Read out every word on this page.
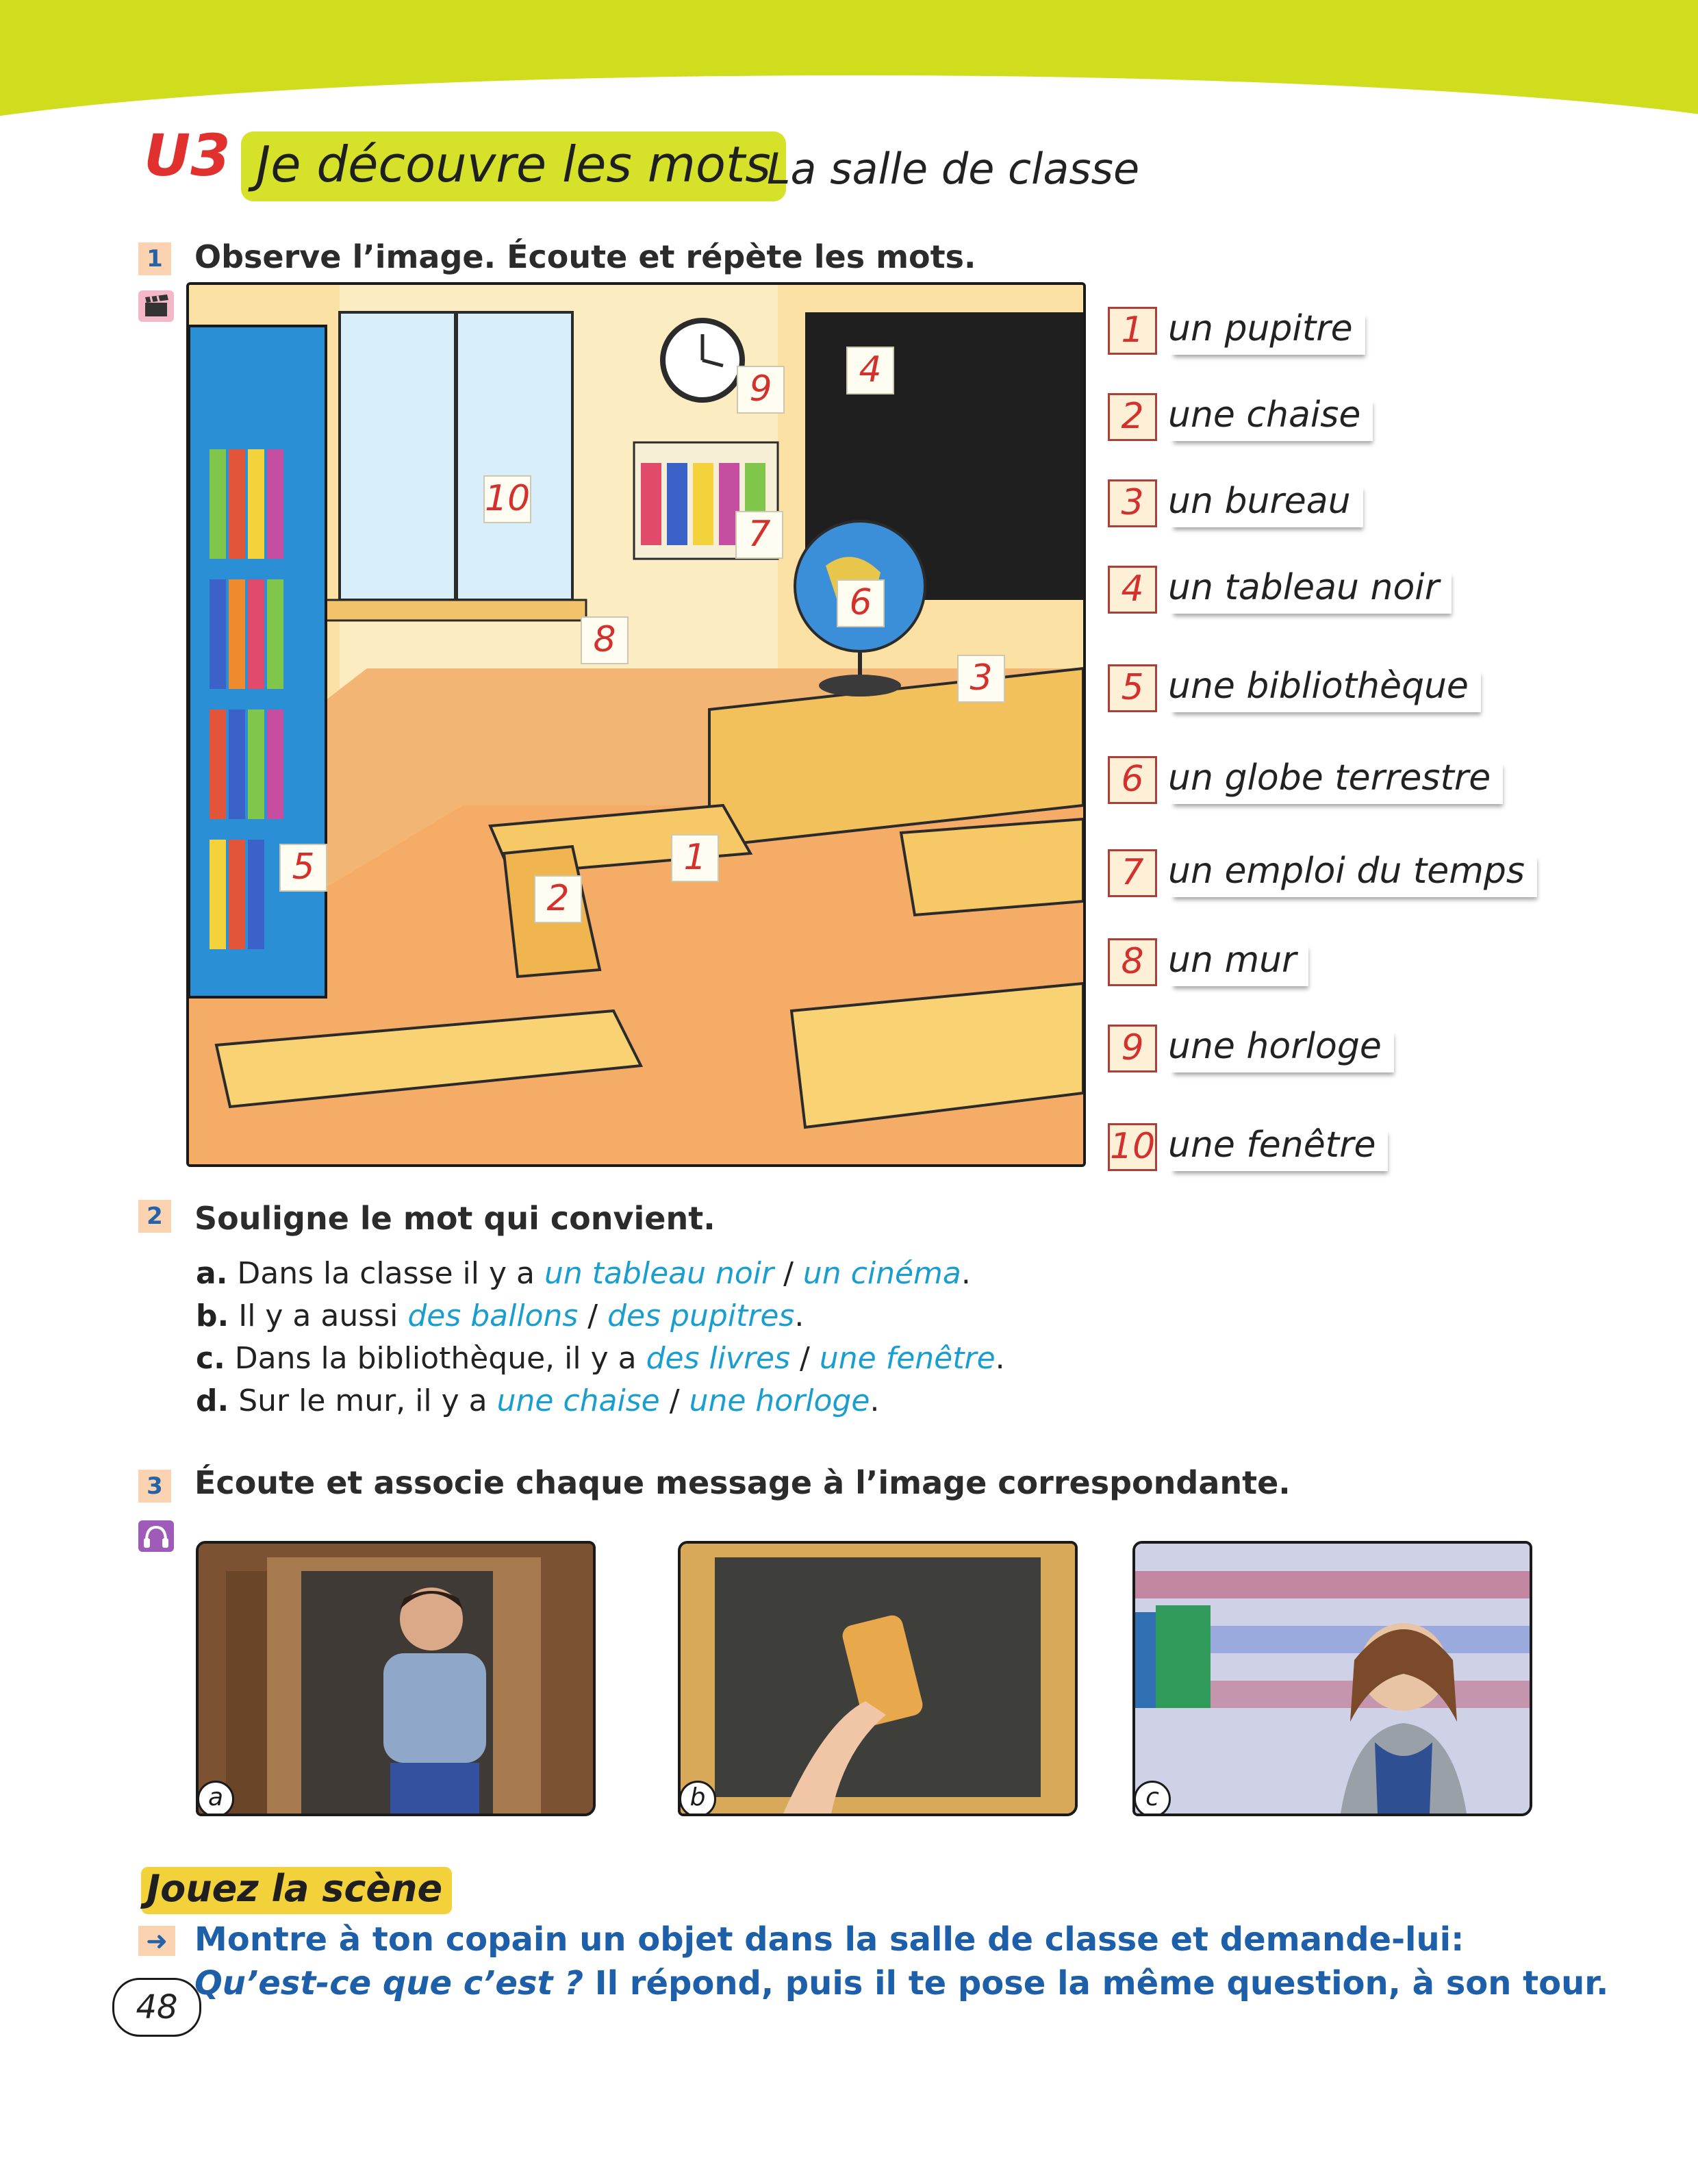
U3 Je découvre les mots
La salle de classe
1 Observe l’image. Écoute et répète les mots.
4
9
10
7
6
8
3
1
5
2
1 un pupitre
2 une chaise
3 un bureau
4 un tableau noir
5 une bibliothèque
6 un globe terrestre
7 un emploi du temps
8 un mur
9 une horloge
10 une fenêtre
2 Souligne le mot qui convient.
a. Dans la classe il y a un tableau noir / un cinéma.
b. Il y a aussi des ballons / des pupitres.
c. Dans la bibliothèque, il y a des livres / une fenêtre.
d. Sur le mur, il y a une chaise / une horloge.
3 Écoute et associe chaque message à l’image correspondante.
a	b	c
Jouez la scène
➜ Montre à ton copain un objet dans la salle de classe et demande-lui:
Qu’est-ce que c’est ? Il répond, puis il te pose la même question, à son tour.
48
